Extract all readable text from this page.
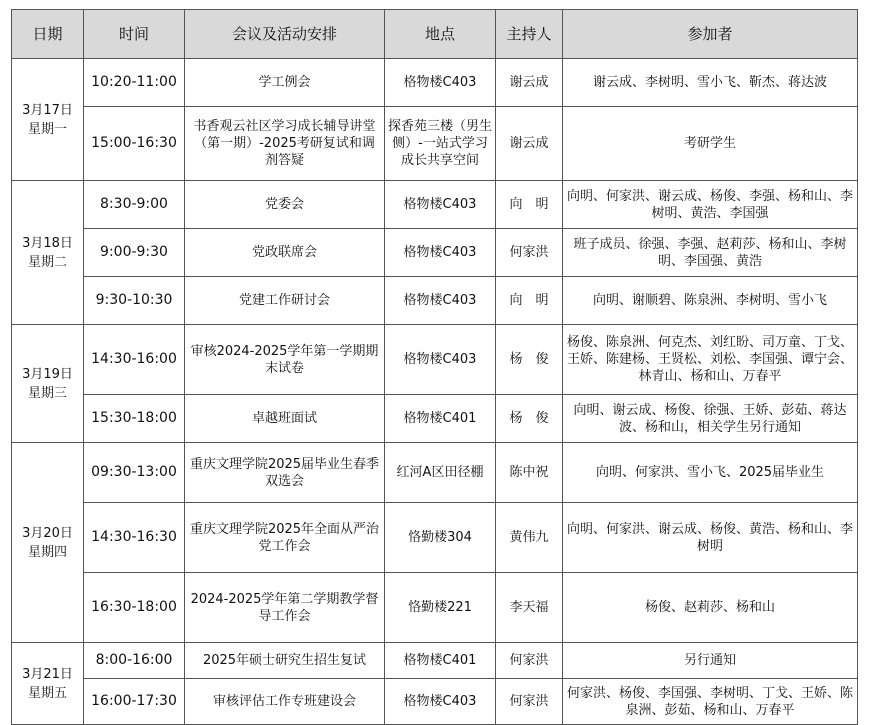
日期	时间	会议及活动安排	地点	主持人	参加者

3月17日
星期一	10:20-11:00	学工例会	格物楼C403	谢云成	谢云成、李树明、雪小飞、靳杰、蒋达波
	15:00-16:30	书香观云社区学习成长辅导讲堂（第一期）-2025考研复试和调剂答疑	探香苑三楼（男生侧）-一站式学习成长共享空间	谢云成	考研学生

3月18日
星期二	8:30-9:00	党委会	格物楼C403	向　明	向明、何家洪、谢云成、杨俊、李强、杨和山、李树明、黄浩、李国强
	9:00-9:30	党政联席会	格物楼C403	何家洪	班子成员、徐强、李强、赵莉莎、杨和山、李树明、李国强、黄浩
	9:30-10:30	党建工作研讨会	格物楼C403	向　明	向明、谢顺碧、陈泉洲、李树明、雪小飞

3月19日
星期三	14:30-16:00	审核2024-2025学年第一学期期末试卷	格物楼C403	杨　俊	杨俊、陈泉洲、何克杰、刘红盼、司万童、丁戈、王娇、陈建杨、王贤松、刘松、李国强、谭宁会、林青山、杨和山、万春平
	15:30-18:00	卓越班面试	格物楼C401	杨　俊	向明、谢云成、杨俊、徐强、王娇、彭茹、蒋达波、杨和山，相关学生另行通知

3月20日
星期四	09:30-13:00	重庆文理学院2025届毕业生春季双选会	红河A区田径棚	陈中祝	向明、何家洪、雪小飞、2025届毕业生
	14:30-16:30	重庆文理学院2025年全面从严治党工作会	恪勤楼304	黄伟九	向明、何家洪、谢云成、杨俊、黄浩、杨和山、李树明
	16:30-18:00	2024-2025学年第二学期教学督导工作会	恪勤楼221	李天福	杨俊、赵莉莎、杨和山

3月21日
星期五	8:00-16:00	2025年硕士研究生招生复试	格物楼C401	何家洪	另行通知
	16:00-17:30	审核评估工作专班建设会	格物楼C403	何家洪	何家洪、杨俊、李国强、李树明、丁戈、王娇、陈泉洲、彭茹、杨和山、万春平
